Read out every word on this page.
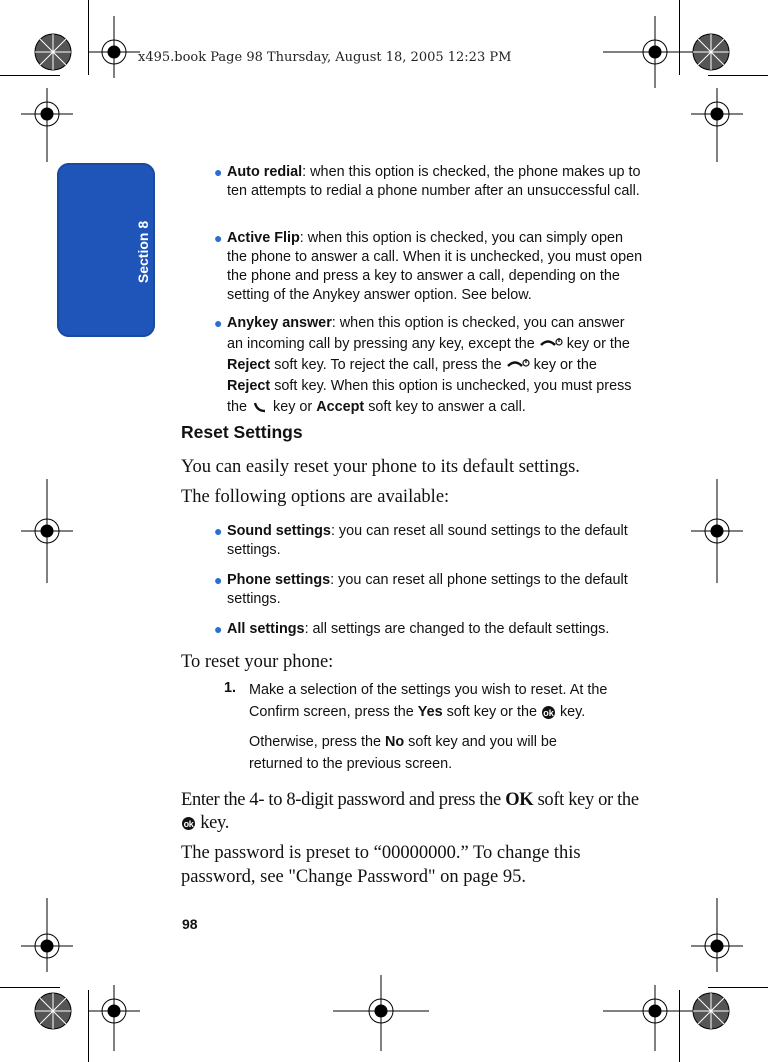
x495.book Page 98 Thursday, August 18, 2005 12:23 PM
Section 8
● Auto redial: when this option is checked, the phone makes up to ten attempts to redial a phone number after an unsuccessful call.
● Active Flip: when this option is checked, you can simply open the phone to answer a call. When it is unchecked, you must open the phone and press a key to answer a call, depending on the setting of the Anykey answer option. See below.
● Anykey answer: when this option is checked, you can answer an incoming call by pressing any key, except the key or the Reject soft key. To reject the call, press the key or the Reject soft key. When this option is unchecked, you must press the key or Accept soft key to answer a call.
Reset Settings
You can easily reset your phone to its default settings.
The following options are available:
● Sound settings: you can reset all sound settings to the default settings.
● Phone settings: you can reset all phone settings to the default settings.
● All settings: all settings are changed to the default settings.
To reset your phone:
1. Make a selection of the settings you wish to reset. At the Confirm screen, press the Yes soft key or the ok key.
Otherwise, press the No soft key and you will be returned to the previous screen.
Enter the 4- to 8-digit password and press the OK soft key or the
ok key.
The password is preset to “00000000.” To change this password, see "Change Password" on page 95.
98
